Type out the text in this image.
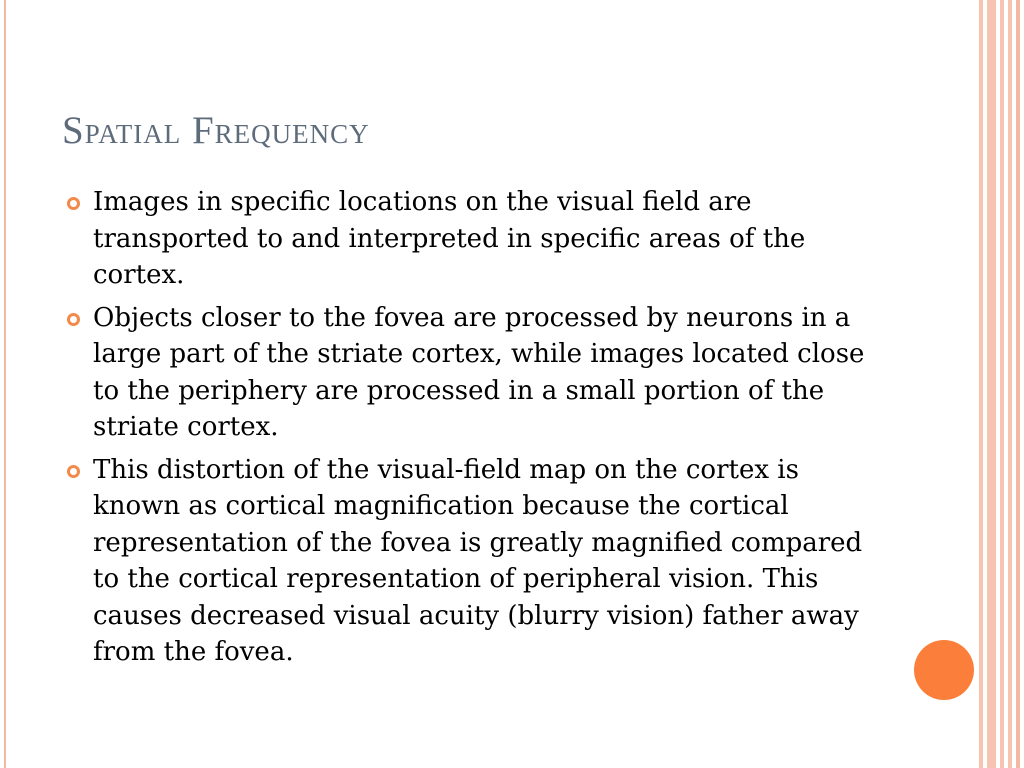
Spatial Frequency
Images in specific locations on the visual field are transported to and interpreted in specific areas of the cortex.
Objects closer to the fovea are processed by neurons in a large part of the striate cortex, while images located close to the periphery are processed in a small portion of the striate cortex.
This distortion of the visual-field map on the cortex is known as cortical magnification because the cortical representation of the fovea is greatly magnified compared to the cortical representation of peripheral vision. This causes decreased visual acuity (blurry vision) father away from the fovea.
